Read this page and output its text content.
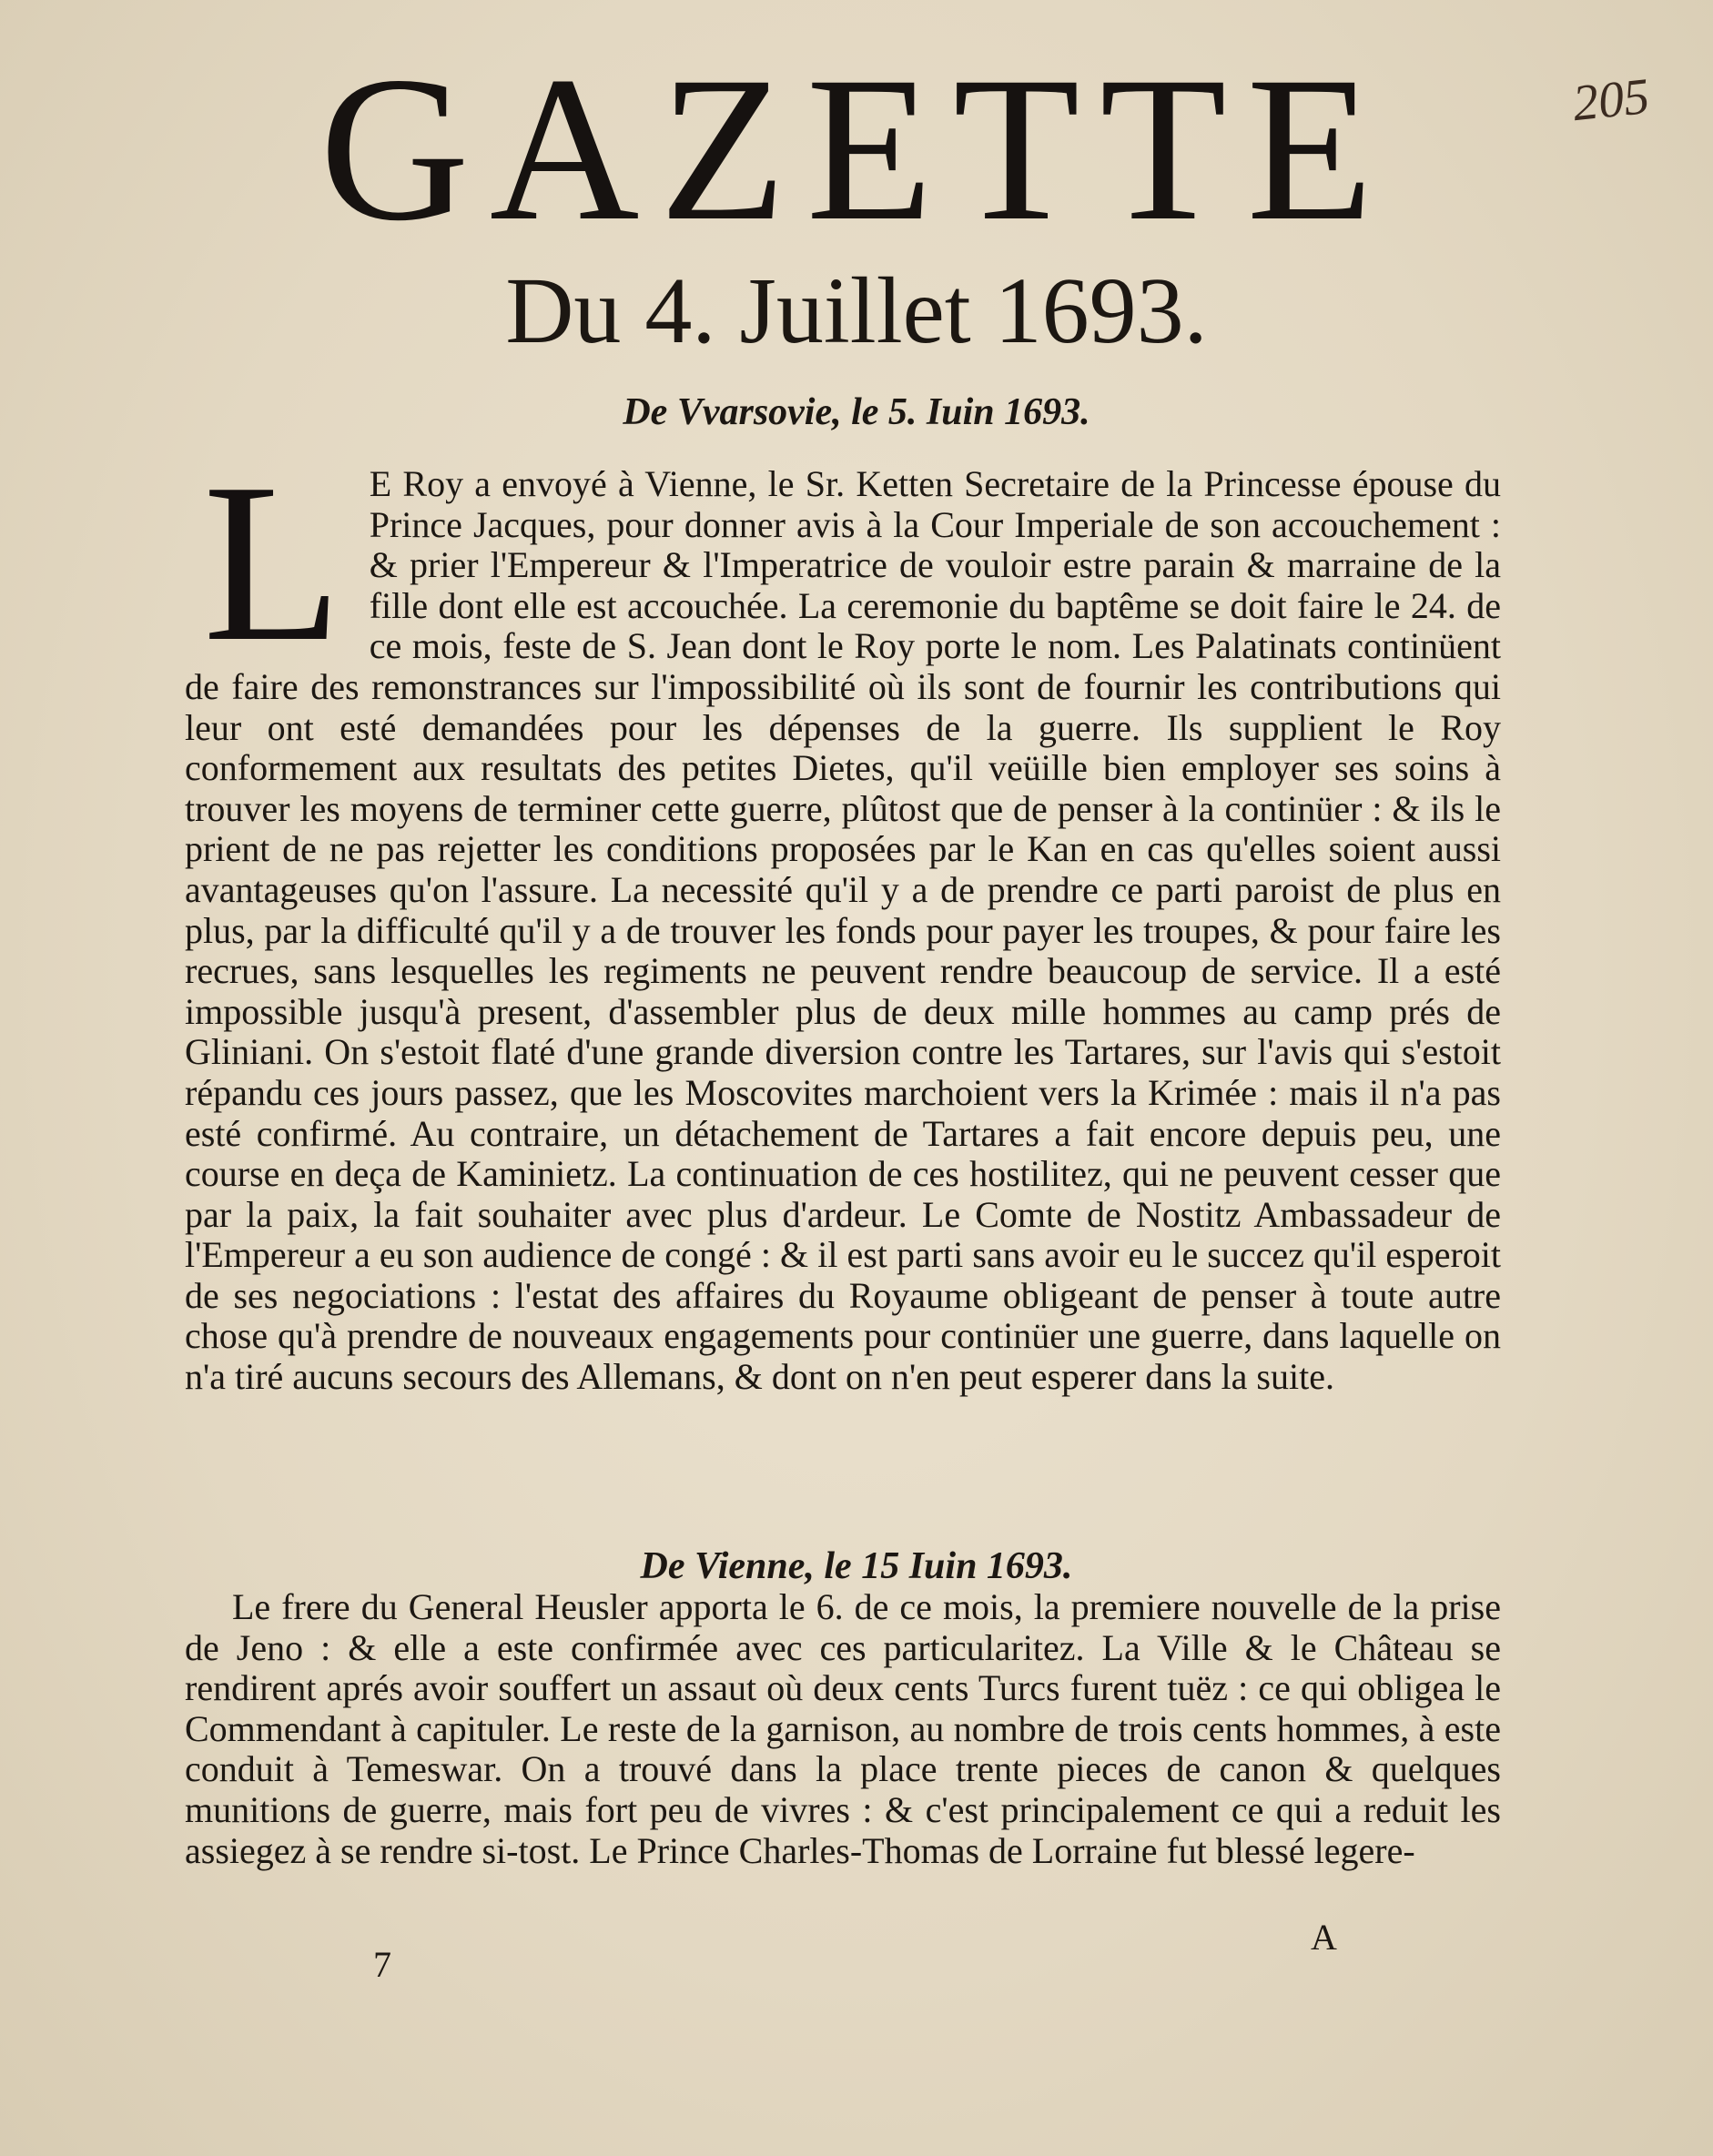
GAZETTE	205
Du 4. Juillet 1693.
De Vvarsovie, le 5. Iuin 1693.
L E Roy a envoyé à Vienne, le Sr. Ketten Secretaire de la Princesse épouse du Prince Jacques, pour donner avis à la Cour Imperiale de son accouchement : & prier l'Empereur & l'Imperatrice de vouloir estre parain & marraine de la fille dont elle est accouchée. La ceremonie du baptême se doit faire le 24. de ce mois, feste de S. Jean dont le Roy porte le nom. Les Palatinats continüent de faire des remonstrances sur l'impossibilité où ils sont de fournir les contributions qui leur ont esté demandées pour les dépenses de la guerre. Ils supplient le Roy conformement aux resultats des petites Dietes, qu'il veüille bien employer ses soins à trouver les moyens de terminer cette guerre, plûtost que de penser à la continüer : & ils le prient de ne pas rejetter les conditions proposées par le Kan en cas qu'elles soient aussi avantageuses qu'on l'assure. La necessité qu'il y a de prendre ce parti paroist de plus en plus, par la difficulté qu'il y a de trouver les fonds pour payer les troupes, & pour faire les recrues, sans lesquelles les regiments ne peuvent rendre beaucoup de service. Il a esté impossible jusqu'à present, d'assembler plus de deux mille hommes au camp prés de Gliniani. On s'estoit flaté d'une grande diversion contre les Tartares, sur l'avis qui s'estoit répandu ces jours passez, que les Moscovites marchoient vers la Krimée : mais il n'a pas esté confirmé. Au contraire, un détachement de Tartares a fait encore depuis peu, une course en deça de Kaminietz. La continuation de ces hostilitez, qui ne peuvent cesser que par la paix, la fait souhaiter avec plus d'ardeur. Le Comte de Nostitz Ambassadeur de l'Empereur a eu son audience de congé : & il est parti sans avoir eu le succez qu'il esperoit de ses negociations : l'estat des affaires du Royaume obligeant de penser à toute autre chose qu'à prendre de nouveaux engagements pour continüer une guerre, dans laquelle on n'a tiré aucuns secours des Allemans, & dont on n'en peut esperer dans la suite.
De Vienne, le 15 Iuin 1693.
Le frere du General Heusler apporta le 6. de ce mois, la premiere nouvelle de la prise de Jeno : & elle a este confirmée avec ces particularitez. La Ville & le Château se rendirent aprés avoir souffert un assaut où deux cents Turcs furent tuëz : ce qui obligea le Commendant à capituler. Le reste de la garnison, au nombre de trois cents hommes, à este conduit à Temeswar. On a trouvé dans la place trente pieces de canon & quelques munitions de guerre, mais fort peu de vivres : & c'est principalement ce qui a reduit les assiegez à se rendre si-tost. Le Prince Charles-Thomas de Lorraine fut blessé legere-
7
A
